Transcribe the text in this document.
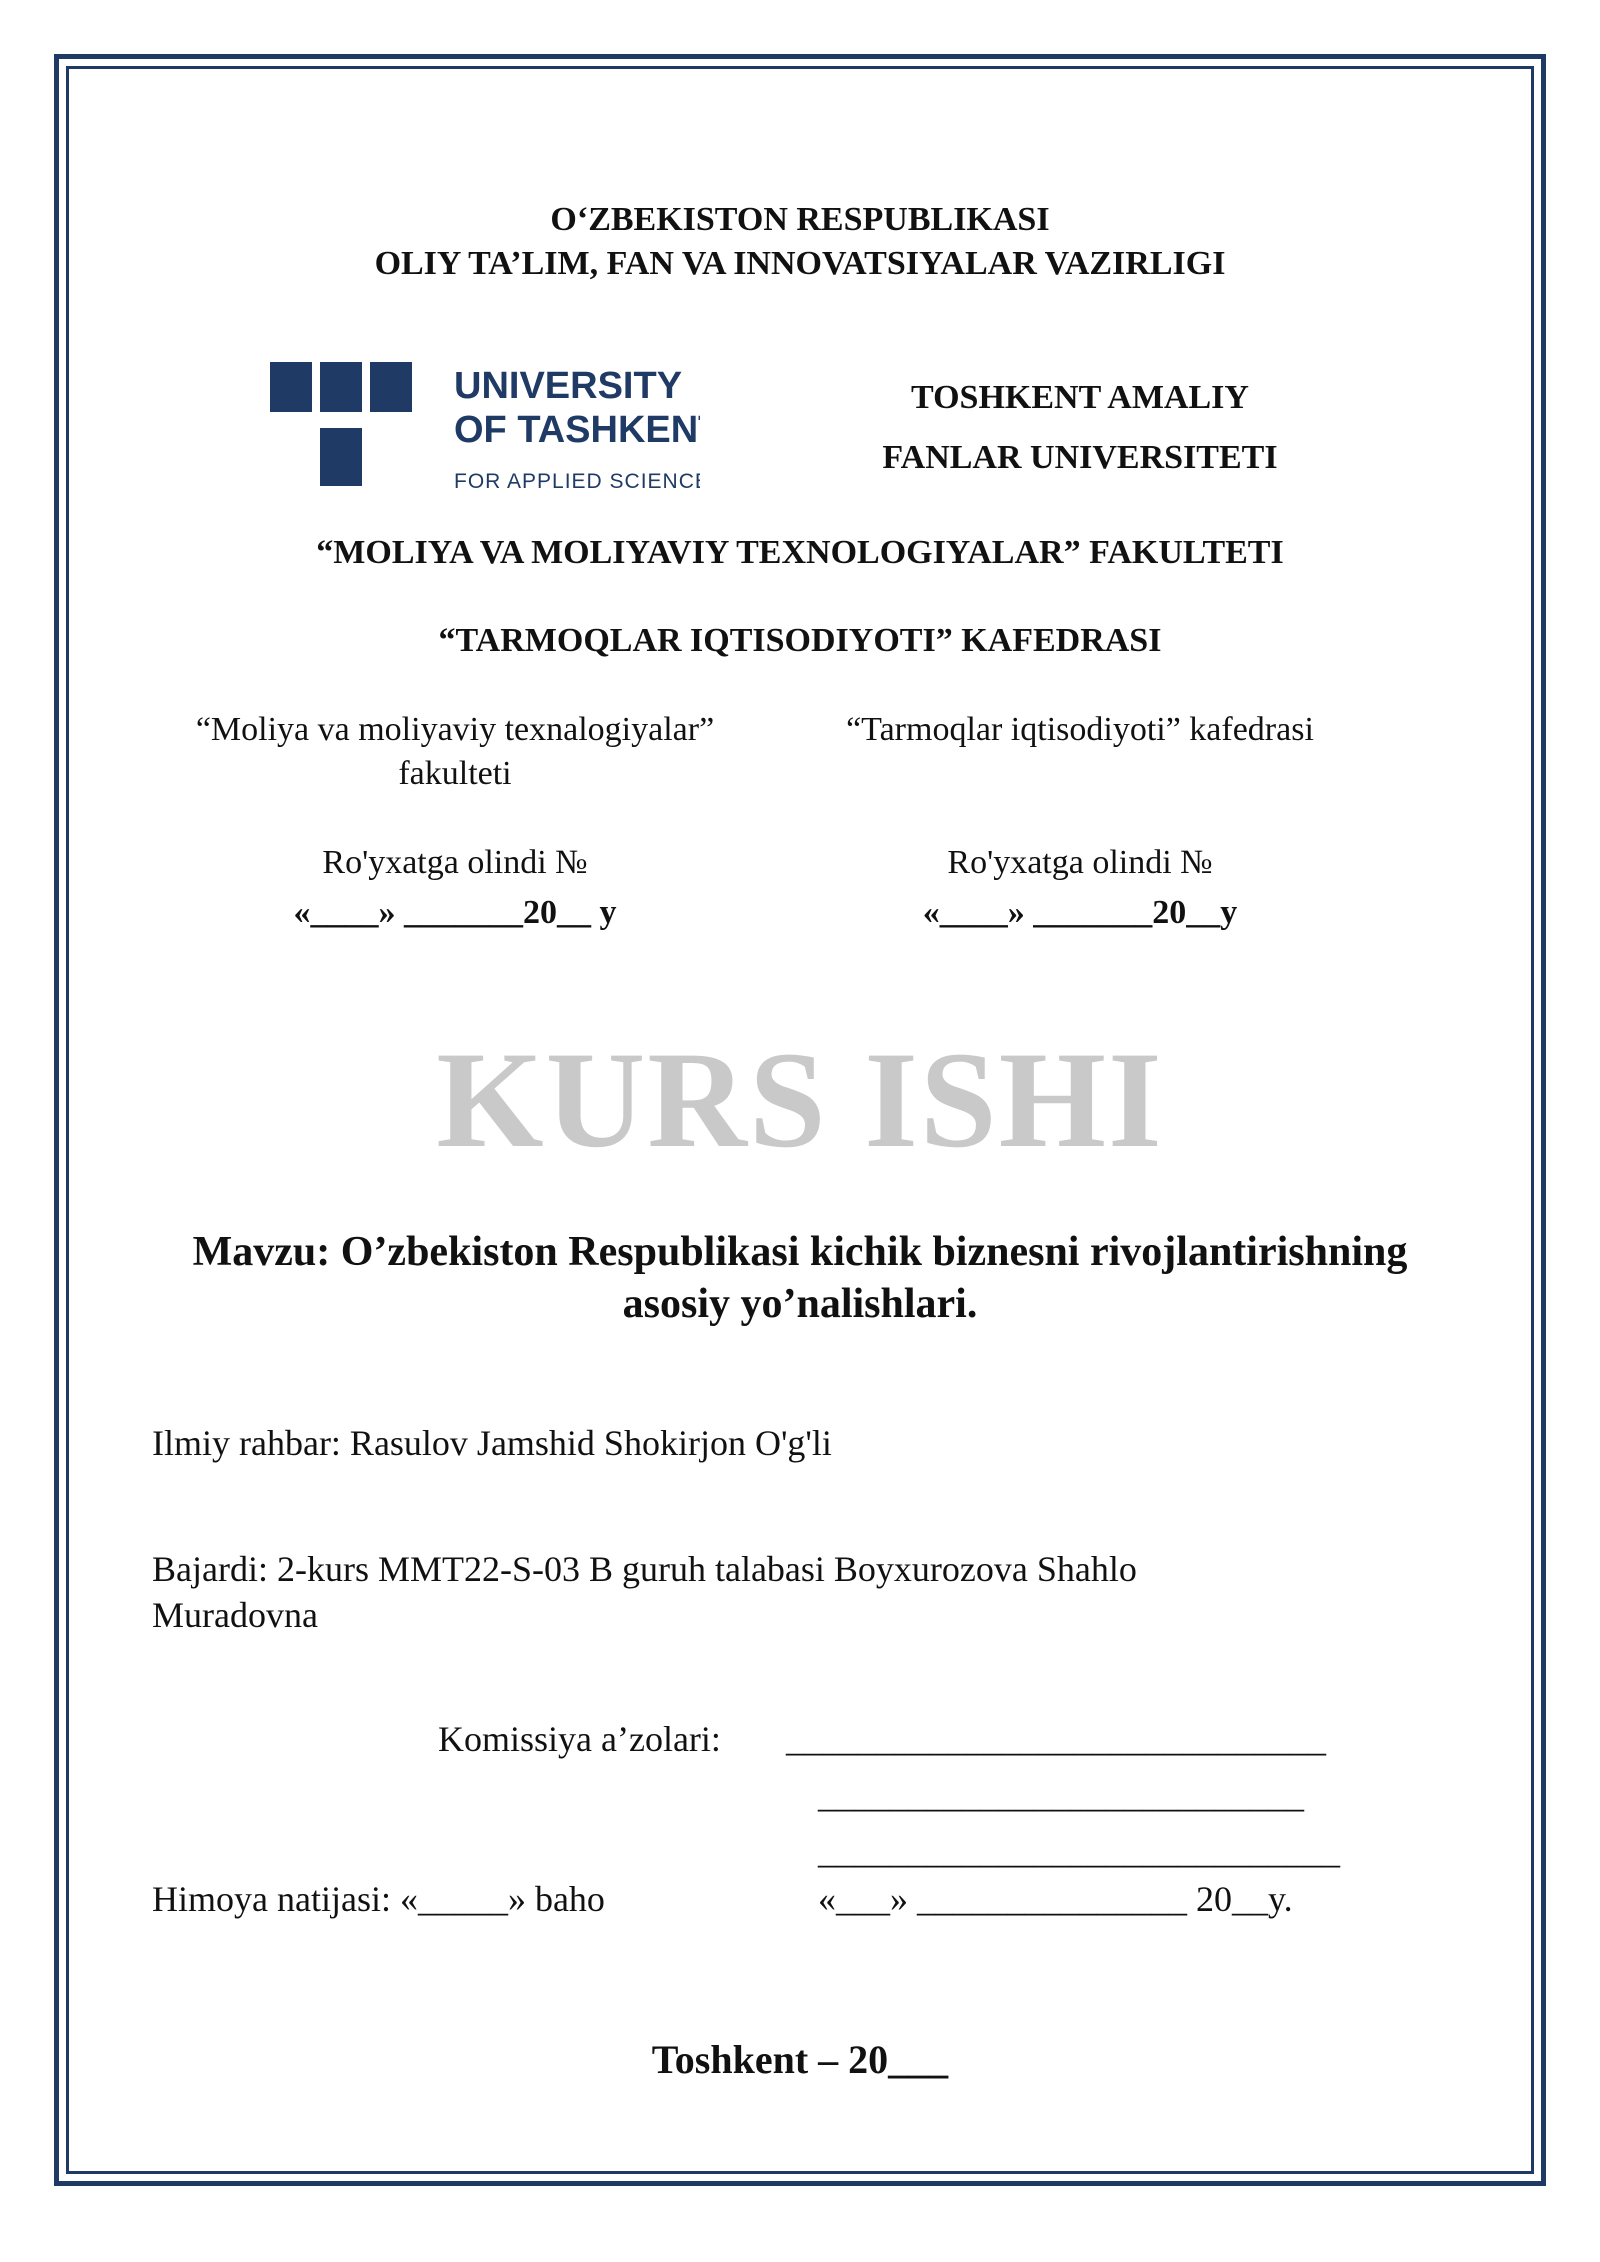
O‘ZBEKISTON RESPUBLIKASI
OLIY TA’LIM, FAN VA INNOVATSIYALAR VAZIRLIGI
UNIVERSITY
OF TASHKENT
FOR APPLIED SCIENCES
TOSHKENT AMALIY
FANLAR UNIVERSITETI
“MOLIYA VA MOLIYAVIY TEXNOLOGIYALAR” FAKULTETI
“TARMOQLAR IQTISODIYOTI” KAFEDRASI
“Moliya va moliyaviy texnalogiyalar”
fakulteti
“Tarmoqlar iqtisodiyoti” kafedrasi
Ro'yxatga olindi №
«____» _______20__ y
Ro'yxatga olindi №
«____» _______20__y
KURS ISHI
Mavzu: O’zbekiston Respublikasi kichik biznesni rivojlantirishning
asosiy yo’nalishlari.
Ilmiy rahbar: Rasulov Jamshid Shokirjon O'g'li
Bajardi: 2-kurs MMT22-S-03 B guruh talabasi Boyxurozova Shahlo
Muradovna
Komissiya a’zolari: ______________________________
___________________________
_____________________________
Himoya natijasi: «_____» baho	«___» _______________ 20__y.
Toshkent – 20___
